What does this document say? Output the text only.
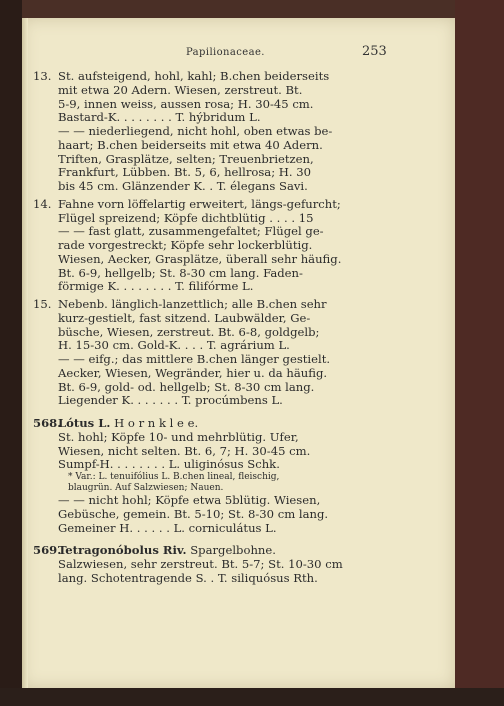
Papilionaceae.	253
13. St. aufsteigend, hohl, kahl; B.chen beiderseits
mit etwa 20 Adern. Wiesen, zerstreut. Bt.
5-9, innen weiss, aussen rosa; H. 30-45 cm.
Bastard-K. . . . . . . . T. hýbridum L.
— — niederliegend, nicht hohl, oben etwas be-
haart; B.chen beiderseits mit etwa 40 Adern.
Triften, Grasplätze, selten; Treuenbrietzen,
Frankfurt, Lübben. Bt. 5, 6, hellrosa; H. 30
bis 45 cm. Glänzender K. . T. élegans Savi.
14. Fahne vorn löffelartig erweitert, längs-gefurcht;
Flügel spreizend; Köpfe dichtblütig . . . . 15
— — fast glatt, zusammengefaltet; Flügel ge-
rade vorgestreckt; Köpfe sehr lockerblütig.
Wiesen, Aecker, Grasplätze, überall sehr häufig.
Bt. 6-9, hellgelb; St. 8-30 cm lang. Faden-
förmige K. . . . . . . . T. filifórme L.
15. Nebenb. länglich-lanzettlich; alle B.chen sehr
kurz-gestielt, fast sitzend. Laubwälder, Ge-
büsche, Wiesen, zerstreut. Bt. 6-8, goldgelb;
H. 15-30 cm. Gold-K. . . . T. agrárium L.
— — eifg.; das mittlere B.chen länger gestielt.
Aecker, Wiesen, Wegränder, hier u. da häufig.
Bt. 6-9, gold- od. hellgelb; St. 8-30 cm lang.
Liegender K. . . . . . . T. procúmbens L.
568.
Lótus L. H o r n k l e e.
St. hohl; Köpfe 10- und mehrblütig. Ufer,
Wiesen, nicht selten. Bt. 6, 7; H. 30-45 cm.
Sumpf-H. . . . . . . . L. uliginósus Schk.
* Var.: L. tenuifólius L. B.chen lineal, fleischig,
blaugrün. Auf Salzwiesen; Nauen.
— — nicht hohl; Köpfe etwa 5blütig. Wiesen,
Gebüsche, gemein. Bt. 5-10; St. 8-30 cm lang.
Gemeiner H. . . . . . L. corniculátus L.
569.
Tetragonóbolus Riv. Spargelbohne.
Salzwiesen, sehr zerstreut. Bt. 5-7; St. 10-30 cm
lang. Schotentragende S. . T. siliquósus Rth.
